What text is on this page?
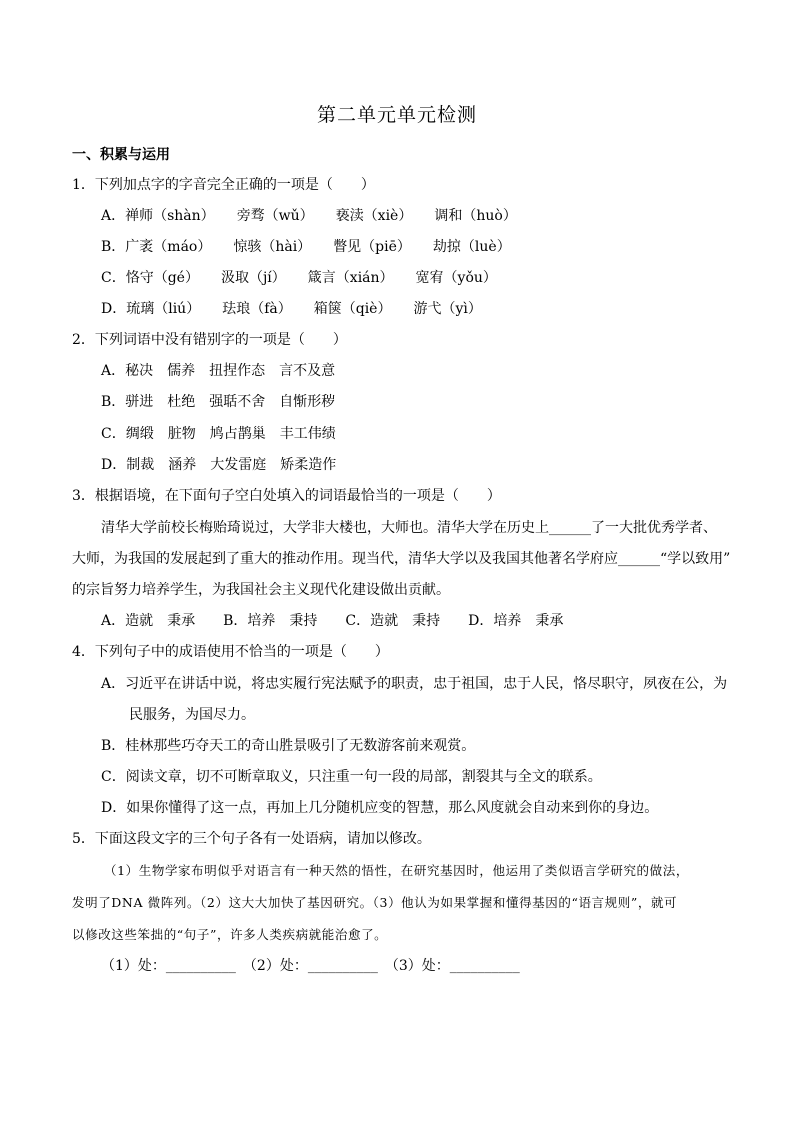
第二单元单元检测
一、积累与运用
1．下列加点字的字音完全正确的一项是（　　）
A．禅师（shàn） 旁骛（wǔ） 亵渎（xiè） 调和（huò）
B．广袤（máo） 惊骇（hài） 瞥见（piē） 劫掠（luè）
C．恪守（gé） 汲取（jí） 箴言（xián） 宽宥（yǒu）
D．琉璃（liú） 珐琅（fà） 箱箧（qiè） 游弋（yì）
2．下列词语中没有错别字的一项是（　　）
A．秘决　儒养　扭捏作态　言不及意
B．骈进　杜绝　强聒不舍　自惭形秽
C．绸缎　脏物　鸠占鹊巢　丰工伟绩
D．制裁　涵养　大发雷庭　矫柔造作
3．根据语境，在下面句子空白处填入的词语最恰当的一项是（　　）
清华大学前校长梅贻琦说过，大学非大楼也，大师也。清华大学在历史上______了一大批优秀学者、
大师，为我国的发展起到了重大的推动作用。现当代，清华大学以及我国其他著名学府应______“学以致用”
的宗旨努力培养学生，为我国社会主义现代化建设做出贡献。
A．造就　秉承　　B．培养　秉持　　C．造就　秉持　　D．培养　秉承
4．下列句子中的成语使用不恰当的一项是（　　）
A．习近平在讲话中说，将忠实履行宪法赋予的职责，忠于祖国，忠于人民，恪尽职守，夙夜在公，为
民服务，为国尽力。
B．桂林那些巧夺天工的奇山胜景吸引了无数游客前来观赏。
C．阅读文章，切不可断章取义，只注重一句一段的局部，割裂其与全文的联系。
D．如果你懂得了这一点，再加上几分随机应变的智慧，那么风度就会自动来到你的身边。
5．下面这段文字的三个句子各有一处语病，请加以修改。
（1）生物学家布明似乎对语言有一种天然的悟性，在研究基因时，他运用了类似语言学研究的做法，
发明了DNA 微阵列。（2）这大大加快了基因研究。（3）他认为如果掌握和懂得基因的“语言规则”，就可
以修改这些笨拙的“句子”，许多人类疾病就能治愈了。
（1）处：__________　（2）处：__________　（3）处：__________
